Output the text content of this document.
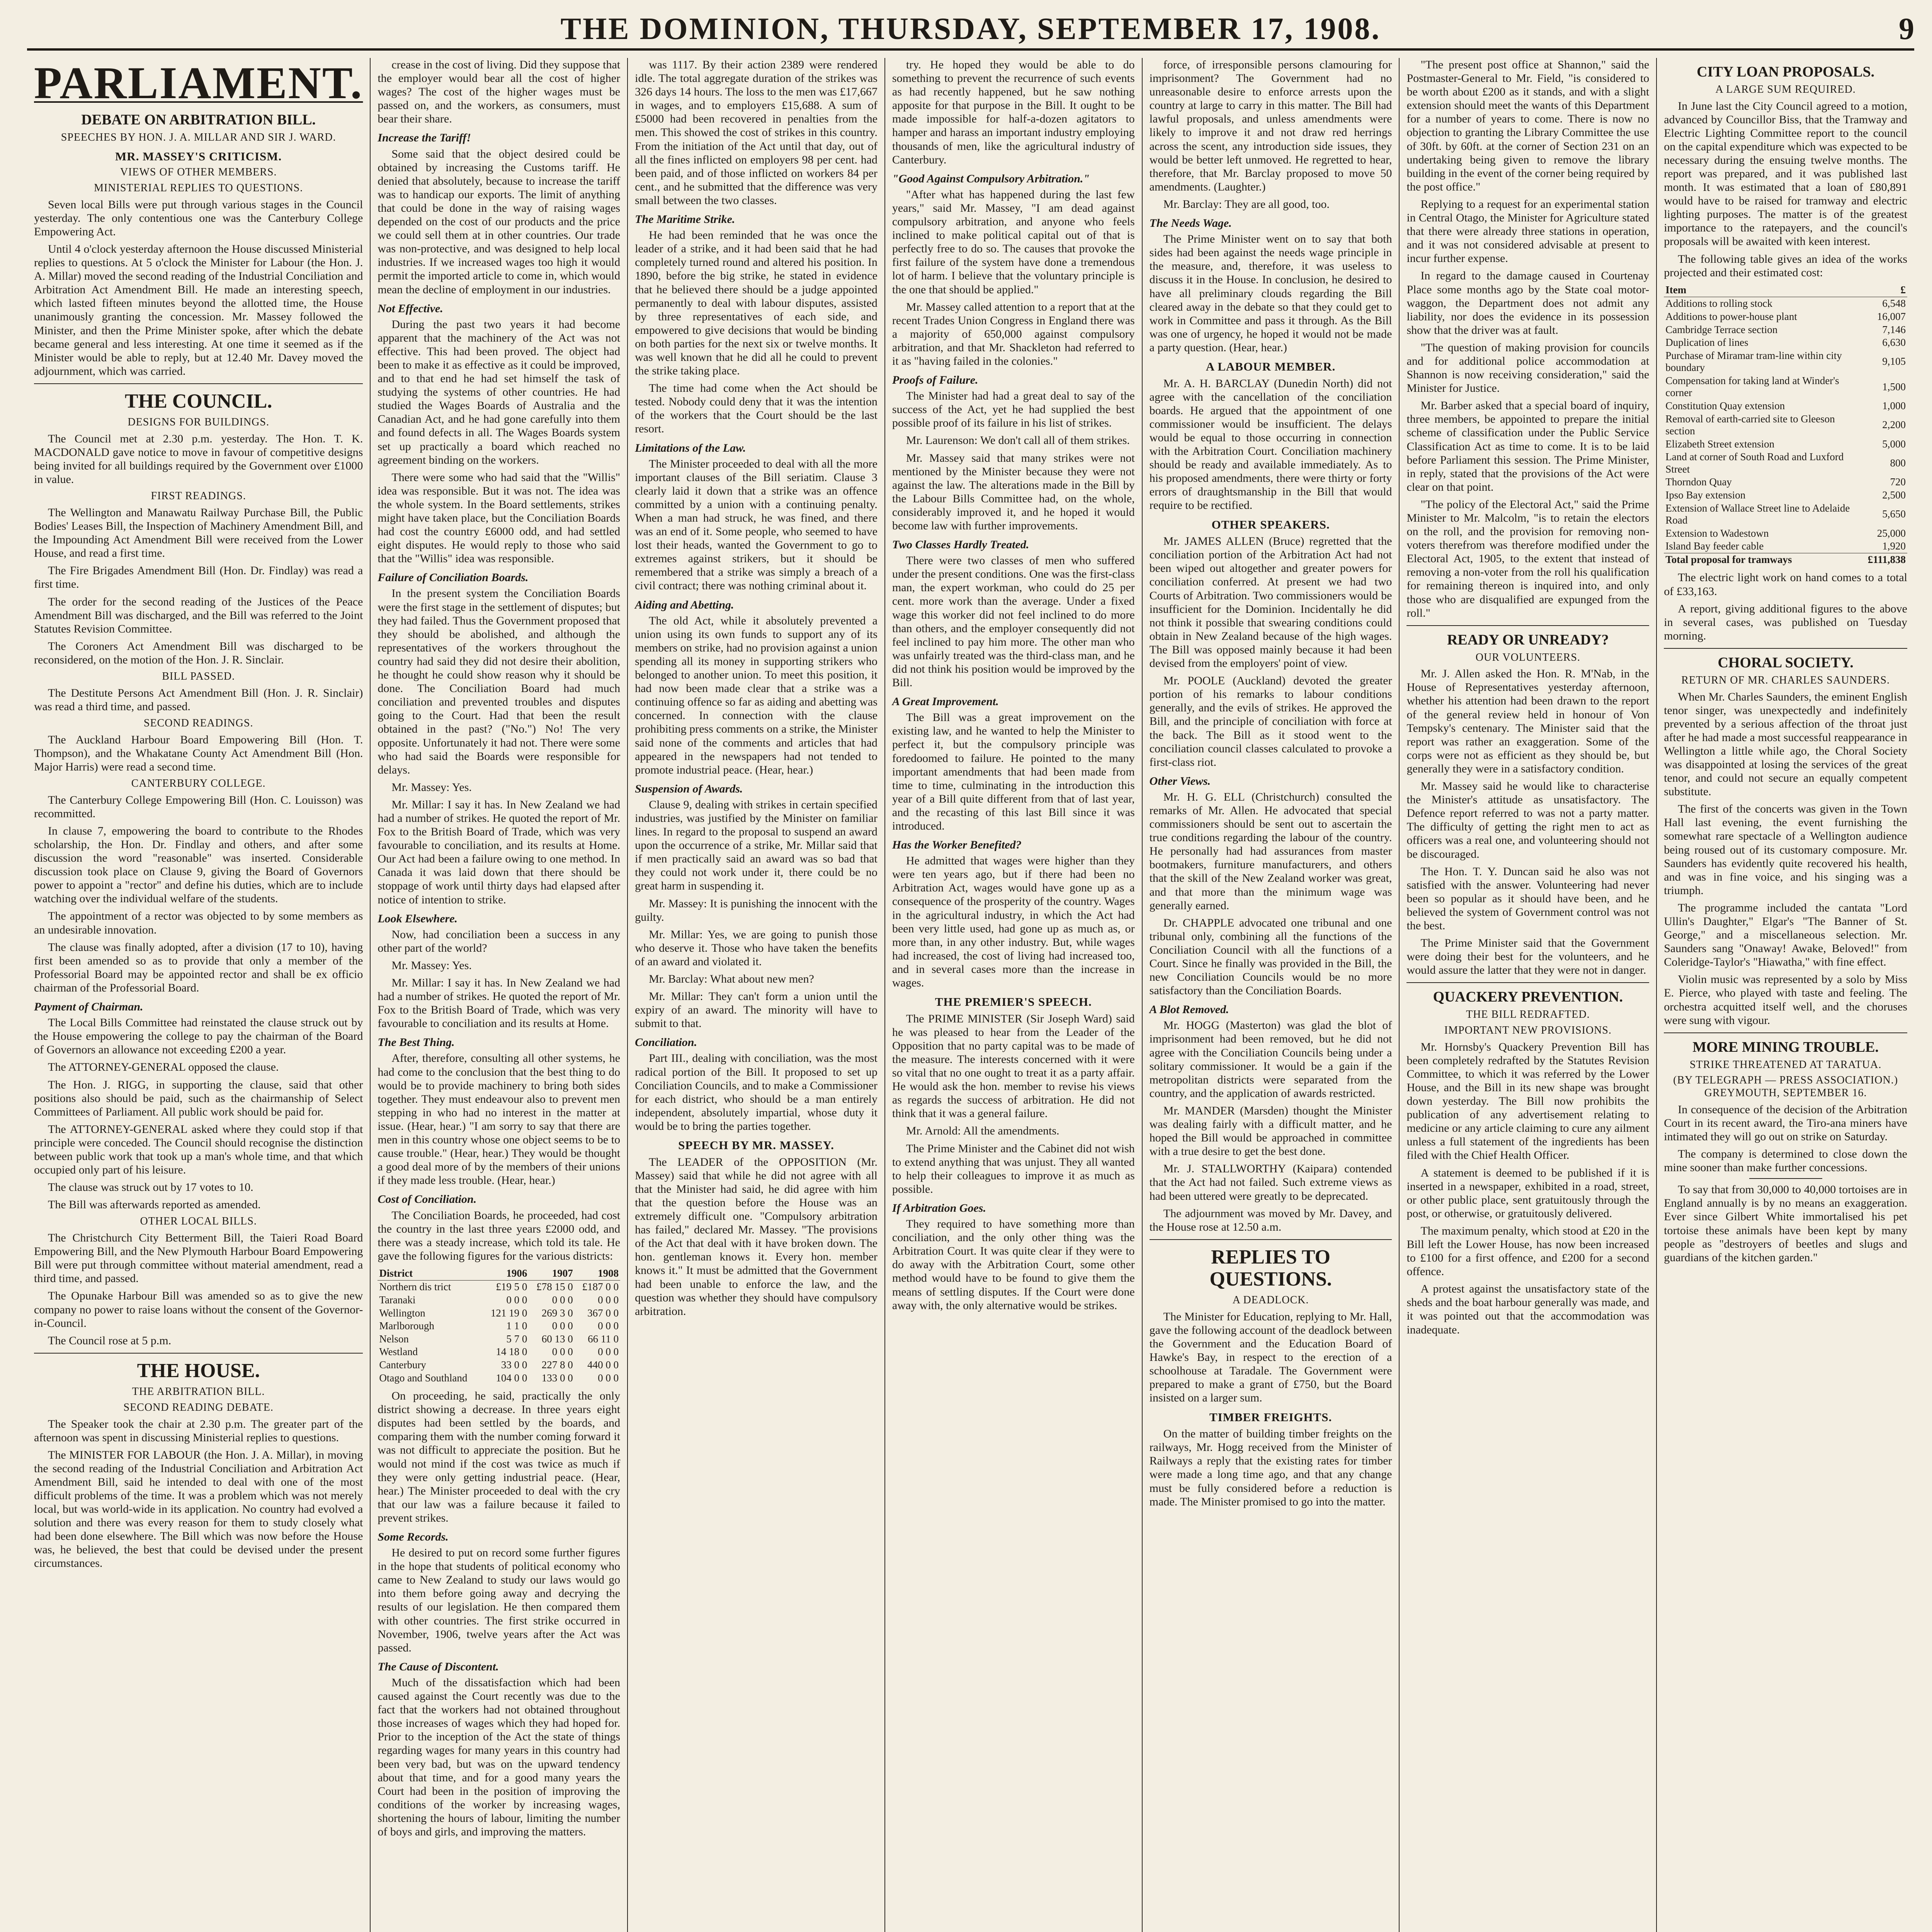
THE DOMINION, THURSDAY, SEPTEMBER 17, 1908.	9
PARLIAMENT.
DEBATE ON ARBITRATION BILL.
SPEECHES BY HON. J. A. MILLAR AND SIR J. WARD.
MR. MASSEY'S CRITICISM.
VIEWS OF OTHER MEMBERS.
MINISTERIAL REPLIES TO QUESTIONS.

Seven local Bills were put through various stages in the Council yesterday. The only contentious one was the Canterbury College Empowering Act.

Until 4 o'clock yesterday afternoon the House discussed Ministerial replies to questions. At 5 o'clock the Minister for Labour (the Hon. J. A. Millar) moved the second reading of the Industrial Conciliation and Arbitration Act Amendment Bill. He made an interesting speech, which lasted fifteen minutes beyond the allotted time, the House unanimously granting the concession. Mr. Massey followed the Minister, and then the Prime Minister spoke, after which the debate became general and less interesting. At one time it seemed as if the Minister would be able to reply, but at 12.40 Mr. Davey moved the adjournment, which was carried.

THE COUNCIL.
DESIGNS FOR BUILDINGS.

The Council met at 2.30 p.m. yesterday. The Hon. T. K. MACDONALD gave notice to move in favour of competitive designs being invited for all buildings required by the Government over £1000 in value.

FIRST READINGS.

The Wellington and Manawatu Railway Purchase Bill, the Public Bodies' Leases Bill, the Inspection of Machinery Amendment Bill, and the Impounding Act Amendment Bill were received from the Lower House, and read a first time.

The Fire Brigades Amendment Bill (Hon. Dr. Findlay) was read a first time.

The order for the second reading of the Justices of the Peace Amendment Bill was discharged, and the Bill was referred to the Joint Statutes Revision Committee.

The Coroners Act Amendment Bill was discharged to be reconsidered, on the motion of the Hon. J. R. Sinclair.

BILL PASSED.

The Destitute Persons Act Amendment Bill (Hon. J. R. Sinclair) was read a third time, and passed.

SECOND READINGS.

The Auckland Harbour Board Empowering Bill (Hon. T. Thompson), and the Whakatane County Act Amendment Bill (Hon. Major Harris) were read a second time.

CANTERBURY COLLEGE.

The Canterbury College Empowering Bill (Hon. C. Louisson) was recommitted.

In clause 7, empowering the board to contribute to the Rhodes scholarship, the Hon. Dr. Findlay and others, and after some discussion the word "reasonable" was inserted. Considerable discussion took place on Clause 9, giving the Board of Governors power to appoint a "rector" and define his duties, which are to include watching over the individual welfare of the students.

The appointment of a rector was objected to by some members as an undesirable innovation.

The clause was finally adopted, after a division (17 to 10), having first been amended so as to provide that only a member of the Professorial Board may be appointed rector and shall be ex officio chairman of the Professorial Board.

Payment of Chairman.

The Local Bills Committee had reinstated the clause struck out by the House empowering the college to pay the chairman of the Board of Governors an allowance not exceeding £200 a year.

The ATTORNEY-GENERAL opposed the clause.

The Hon. J. RIGG, in supporting the clause, said that other positions also should be paid, such as the chairmanship of Select Committees of Parliament. All public work should be paid for.

The ATTORNEY-GENERAL asked where they could stop if that principle were conceded. The Council should recognise the distinction between public work that took up a man's whole time, and that which occupied only part of his leisure.

The clause was struck out by 17 votes to 10.

The Bill was afterwards reported as amended.

OTHER LOCAL BILLS.

The Christchurch City Betterment Bill, the Taieri Road Board Empowering Bill, and the New Plymouth Harbour Board Empowering Bill were put through committee without material amendment, read a third time, and passed.

The Opunake Harbour Bill was amended so as to give the new company no power to raise loans without the consent of the Governor-in-Council.

The Council rose at 5 p.m.

THE HOUSE.
THE ARBITRATION BILL.
SECOND READING DEBATE.

The Speaker took the chair at 2.30 p.m. The greater part of the afternoon was spent in discussing Ministerial replies to questions.

The MINISTER FOR LABOUR (the Hon. J. A. Millar), in moving the second reading of the Industrial Conciliation and Arbitration Act Amendment Bill, said he intended to deal with one of the most difficult problems of the time. It was a problem which was not merely local, but was world-wide in its application. No country had evolved a solution and there was every reason for them to study closely what had been done elsewhere. The Bill which was now before the House was, he believed, the best that could be devised under the present circumstances.

crease in the cost of living. Did they suppose that the employer would bear all the cost of higher wages? The cost of the higher wages must be passed on, and the workers, as consumers, must bear their share.

Increase the Tariff!

Some said that the object desired could be obtained by increasing the Customs tariff. He denied that absolutely, because to increase the tariff was to handicap our exports. The limit of anything that could be done in the way of raising wages depended on the cost of our products and the price we could sell them at in other countries. Our trade was non-protective, and was designed to help local industries. If we increased wages too high it would permit the imported article to come in, which would mean the decline of employment in our industries.

Not Effective.

During the past two years it had become apparent that the machinery of the Act was not effective. This had been proved. The object had been to make it as effective as it could be improved, and to that end he had set himself the task of studying the systems of other countries. He had studied the Wages Boards of Australia and the Canadian Act, and he had gone carefully into them and found defects in all. The Wages Boards system set up practically a board which reached no agreement binding on the workers.

There were some who had said that the "Willis" idea was responsible. But it was not. The idea was the whole system. In the Board settlements, strikes might have taken place, but the Conciliation Boards had cost the country £6000 odd, and had settled eight disputes. He would reply to those who said that the "Willis" idea was responsible.

Failure of Conciliation Boards.

In the present system the Conciliation Boards were the first stage in the settlement of disputes; but they had failed. Thus the Government proposed that they should be abolished, and although the representatives of the workers throughout the country had said they did not desire their abolition, he thought he could show reason why it should be done. The Conciliation Board had much conciliation and prevented troubles and disputes going to the Court. Had that been the result obtained in the past? ("No.") No! The very opposite. Unfortunately it had not. There were some who had said the Boards were responsible for delays.

Mr. Massey: Yes.

Mr. Millar: I say it has. In New Zealand we had had a number of strikes. He quoted the report of Mr. Fox to the British Board of Trade, which was very favourable to conciliation, and its results at Home. Our Act had been a failure owing to one method. In Canada it was laid down that there should be stoppage of work until thirty days had elapsed after notice of intention to strike.

Look Elsewhere.

Now, had conciliation been a success in any other part of the world?

Mr. Massey: Yes.

Mr. Millar: I say it has. In New Zealand we had had a number of strikes. He quoted the report of Mr. Fox to the British Board of Trade, which was very favourable to conciliation and its results at Home.

The Best Thing.

After, therefore, consulting all other systems, he had come to the conclusion that the best thing to do would be to provide machinery to bring both sides together. They must endeavour also to prevent men stepping in who had no interest in the matter at issue. (Hear, hear.) "I am sorry to say that there are men in this country whose one object seems to be to cause trouble." (Hear, hear.) They would be thought a good deal more of by the members of their unions if they made less trouble. (Hear, hear.)

Cost of Conciliation.

The Conciliation Boards, he proceeded, had cost the country in the last three years £2000 odd, and there was a steady increase, which told its tale. He gave the following figures for the various districts:

District	1906	1907	1908
Northern dis trict	£19 5 0	£78 15 0	£187 0 0
Taranaki	0 0 0	0 0 0	0 0 0
Wellington	121 19 0	269 3 0	367 0 0
Marlborough	1 1 0	0 0 0	0 0 0
Nelson	5 7 0	60 13 0	66 11 0
Westland	14 18 0	0 0 0	0 0 0
Canterbury	33 0 0	227 8 0	440 0 0
Otago and Southland	104 0 0	133 0 0	0 0 0

On proceeding, he said, practically the only district showing a decrease. In three years eight disputes had been settled by the boards, and comparing them with the number coming forward it was not difficult to appreciate the position. But he would not mind if the cost was twice as much if they were only getting industrial peace. (Hear, hear.) The Minister proceeded to deal with the cry that our law was a failure because it failed to prevent strikes.

Some Records.

He desired to put on record some further figures in the hope that students of political economy who came to New Zealand to study our laws would go into them before going away and decrying the results of our legislation. He then compared them with other countries. The first strike occurred in November, 1906, twelve years after the Act was passed.

The Cause of Discontent.

Much of the dissatisfaction which had been caused against the Court recently was due to the fact that the workers had not obtained throughout those increases of wages which they had hoped for. Prior to the inception of the Act the state of things regarding wages for many years in this country had been very bad, but was on the upward tendency about that time, and for a good many years the Court had been in the position of improving the conditions of the worker by increasing wages, shortening the hours of labour, limiting the number of boys and girls, and improving the matters.

was 1117. By their action 2389 were rendered idle. The total aggregate duration of the strikes was 326 days 14 hours. The loss to the men was £17,667 in wages, and to employers £15,688. A sum of £5000 had been recovered in penalties from the men. This showed the cost of strikes in this country. From the initiation of the Act until that day, out of all the fines inflicted on employers 98 per cent. had been paid, and of those inflicted on workers 84 per cent., and he submitted that the difference was very small between the two classes.

The Maritime Strike.

He had been reminded that he was once the leader of a strike, and it had been said that he had completely turned round and altered his position. In 1890, before the big strike, he stated in evidence that he believed there should be a judge appointed permanently to deal with labour disputes, assisted by three representatives of each side, and empowered to give decisions that would be binding on both parties for the next six or twelve months. It was well known that he did all he could to prevent the strike taking place.

The time had come when the Act should be tested. Nobody could deny that it was the intention of the workers that the Court should be the last resort.

Limitations of the Law.

The Minister proceeded to deal with all the more important clauses of the Bill seriatim. Clause 3 clearly laid it down that a strike was an offence committed by a union with a continuing penalty. When a man had struck, he was fined, and there was an end of it. Some people, who seemed to have lost their heads, wanted the Government to go to extremes against strikers, but it should be remembered that a strike was simply a breach of a civil contract; there was nothing criminal about it.

Aiding and Abetting.

The old Act, while it absolutely prevented a union using its own funds to support any of its members on strike, had no provision against a union spending all its money in supporting strikers who belonged to another union. To meet this position, it had now been made clear that a strike was a continuing offence so far as aiding and abetting was concerned. In connection with the clause prohibiting press comments on a strike, the Minister said none of the comments and articles that had appeared in the newspapers had not tended to promote industrial peace. (Hear, hear.)

Suspension of Awards.

Clause 9, dealing with strikes in certain specified industries, was justified by the Minister on familiar lines. In regard to the proposal to suspend an award upon the occurrence of a strike, Mr. Millar said that if men practically said an award was so bad that they could not work under it, there could be no great harm in suspending it.

Mr. Massey: It is punishing the innocent with the guilty.

Mr. Millar: Yes, we are going to punish those who deserve it. Those who have taken the benefits of an award and violated it.

Mr. Barclay: What about new men?

Mr. Millar: They can't form a union until the expiry of an award. The minority will have to submit to that.

Conciliation.

Part III., dealing with conciliation, was the most radical portion of the Bill. It proposed to set up Conciliation Councils, and to make a Commissioner for each district, who should be a man entirely independent, absolutely impartial, whose duty it would be to bring the parties together.

SPEECH BY MR. MASSEY.

The LEADER of the OPPOSITION (Mr. Massey) said that while he did not agree with all that the Minister had said, he did agree with him that the question before the House was an extremely difficult one. "Compulsory arbitration has failed," declared Mr. Massey. "The provisions of the Act that deal with it have broken down. The hon. gentleman knows it. Every hon. member knows it." It must be admitted that the Government had been unable to enforce the law, and the question was whether they should have compulsory arbitration.

try. He hoped they would be able to do something to prevent the recurrence of such events as had recently happened, but he saw nothing apposite for that purpose in the Bill. It ought to be made impossible for half-a-dozen agitators to hamper and harass an important industry employing thousands of men, like the agricultural industry of Canterbury.

"Good Against Compulsory Arbitration."

"After what has happened during the last few years," said Mr. Massey, "I am dead against compulsory arbitration, and anyone who feels inclined to make political capital out of that is perfectly free to do so. The causes that provoke the first failure of the system have done a tremendous lot of harm. I believe that the voluntary principle is the one that should be applied."

Mr. Massey called attention to a report that at the recent Trades Union Congress in England there was a majority of 650,000 against compulsory arbitration, and that Mr. Shackleton had referred to it as "having failed in the colonies."

Proofs of Failure.

The Minister had had a great deal to say of the success of the Act, yet he had supplied the best possible proof of its failure in his list of strikes.

Mr. Laurenson: We don't call all of them strikes.

Mr. Massey said that many strikes were not mentioned by the Minister because they were not against the law. The alterations made in the Bill by the Labour Bills Committee had, on the whole, considerably improved it, and he hoped it would become law with further improvements.

Two Classes Hardly Treated.

There were two classes of men who suffered under the present conditions. One was the first-class man, the expert workman, who could do 25 per cent. more work than the average. Under a fixed wage this worker did not feel inclined to do more than others, and the employer consequently did not feel inclined to pay him more. The other man who was unfairly treated was the third-class man, and he did not think his position would be improved by the Bill.

A Great Improvement.

The Bill was a great improvement on the existing law, and he wanted to help the Minister to perfect it, but the compulsory principle was foredoomed to failure. He pointed to the many important amendments that had been made from time to time, culminating in the introduction this year of a Bill quite different from that of last year, and the recasting of this last Bill since it was introduced.

Has the Worker Benefited?

He admitted that wages were higher than they were ten years ago, but if there had been no Arbitration Act, wages would have gone up as a consequence of the prosperity of the country. Wages in the agricultural industry, in which the Act had been very little used, had gone up as much as, or more than, in any other industry. But, while wages had increased, the cost of living had increased too, and in several cases more than the increase in wages.

THE PREMIER'S SPEECH.

The PRIME MINISTER (Sir Joseph Ward) said he was pleased to hear from the Leader of the Opposition that no party capital was to be made of the measure. The interests concerned with it were so vital that no one ought to treat it as a party affair. He would ask the hon. member to revise his views as regards the success of arbitration. He did not think that it was a general failure.

Mr. Arnold: All the amendments.

The Prime Minister and the Cabinet did not wish to extend anything that was unjust. They all wanted to help their colleagues to improve it as much as possible.

If Arbitration Goes.

They required to have something more than conciliation, and the only other thing was the Arbitration Court. It was quite clear if they were to do away with the Arbitration Court, some other method would have to be found to give them the means of settling disputes. If the Court were done away with, the only alternative would be strikes.

force, of irresponsible persons clamouring for imprisonment? The Government had no unreasonable desire to enforce arrests upon the country at large to carry in this matter. The Bill had lawful proposals, and unless amendments were likely to improve it and not draw red herrings across the scent, any introduction side issues, they would be better left unmoved. He regretted to hear, therefore, that Mr. Barclay proposed to move 50 amendments. (Laughter.)

Mr. Barclay: They are all good, too.

The Needs Wage.

The Prime Minister went on to say that both sides had been against the needs wage principle in the measure, and, therefore, it was useless to discuss it in the House. In conclusion, he desired to have all preliminary clouds regarding the Bill cleared away in the debate so that they could get to work in Committee and pass it through. As the Bill was one of urgency, he hoped it would not be made a party question. (Hear, hear.)

A LABOUR MEMBER.

Mr. A. H. BARCLAY (Dunedin North) did not agree with the cancellation of the conciliation boards. He argued that the appointment of one commissioner would be insufficient. The delays would be equal to those occurring in connection with the Arbitration Court. Conciliation machinery should be ready and available immediately. As to his proposed amendments, there were thirty or forty errors of draughtsmanship in the Bill that would require to be rectified.

OTHER SPEAKERS.

Mr. JAMES ALLEN (Bruce) regretted that the conciliation portion of the Arbitration Act had not been wiped out altogether and greater powers for conciliation conferred. At present we had two Courts of Arbitration. Two commissioners would be insufficient for the Dominion. Incidentally he did not think it possible that swearing conditions could obtain in New Zealand because of the high wages. The Bill was opposed mainly because it had been devised from the employers' point of view.

Mr. POOLE (Auckland) devoted the greater portion of his remarks to labour conditions generally, and the evils of strikes. He approved the Bill, and the principle of conciliation with force at the back. The Bill as it stood went to the conciliation council classes calculated to provoke a first-class riot.

Other Views.

Mr. H. G. ELL (Christchurch) consulted the remarks of Mr. Allen. He advocated that special commissioners should be sent out to ascertain the true conditions regarding the labour of the country. He personally had had assurances from master bootmakers, furniture manufacturers, and others that the skill of the New Zealand worker was great, and that more than the minimum wage was generally earned.

Dr. CHAPPLE advocated one tribunal and one tribunal only, combining all the functions of the Conciliation Council with all the functions of a Court. Since he finally was provided in the Bill, the new Conciliation Councils would be no more satisfactory than the Conciliation Boards.

A Blot Removed.

Mr. HOGG (Masterton) was glad the blot of imprisonment had been removed, but he did not agree with the Conciliation Councils being under a solitary commissioner. It would be a gain if the metropolitan districts were separated from the country, and the application of awards restricted.

Mr. MANDER (Marsden) thought the Minister was dealing fairly with a difficult matter, and he hoped the Bill would be approached in committee with a true desire to get the best done.

Mr. J. STALLWORTHY (Kaipara) contended that the Act had not failed. Such extreme views as had been uttered were greatly to be deprecated.

The adjournment was moved by Mr. Davey, and the House rose at 12.50 a.m.

REPLIES TO QUESTIONS.
A DEADLOCK.

The Minister for Education, replying to Mr. Hall, gave the following account of the deadlock between the Government and the Education Board of Hawke's Bay, in respect to the erection of a schoolhouse at Taradale. The Government were prepared to make a grant of £750, but the Board insisted on a larger sum.

TIMBER FREIGHTS.

On the matter of building timber freights on the railways, Mr. Hogg received from the Minister of Railways a reply that the existing rates for timber were made a long time ago, and that any change must be fully considered before a reduction is made. The Minister promised to go into the matter.

"The present post office at Shannon," said the Postmaster-General to Mr. Field, "is considered to be worth about £200 as it stands, and with a slight extension should meet the wants of this Department for a number of years to come. There is now no objection to granting the Library Committee the use of 30ft. by 60ft. at the corner of Section 231 on an undertaking being given to remove the library building in the event of the corner being required by the post office."

Replying to a request for an experimental station in Central Otago, the Minister for Agriculture stated that there were already three stations in operation, and it was not considered advisable at present to incur further expense.

In regard to the damage caused in Courtenay Place some months ago by the State coal motor-waggon, the Department does not admit any liability, nor does the evidence in its possession show that the driver was at fault.

"The question of making provision for councils and for additional police accommodation at Shannon is now receiving consideration," said the Minister for Justice.

Mr. Barber asked that a special board of inquiry, three members, be appointed to prepare the initial scheme of classification under the Public Service Classification Act as time to come. It is to be laid before Parliament this session. The Prime Minister, in reply, stated that the provisions of the Act were clear on that point.

"The policy of the Electoral Act," said the Prime Minister to Mr. Malcolm, "is to retain the electors on the roll, and the provision for removing non-voters therefrom was therefore modified under the Electoral Act, 1905, to the extent that instead of removing a non-voter from the roll his qualification for remaining thereon is inquired into, and only those who are disqualified are expunged from the roll."

READY OR UNREADY?
OUR VOLUNTEERS.

Mr. J. Allen asked the Hon. R. M'Nab, in the House of Representatives yesterday afternoon, whether his attention had been drawn to the report of the general review held in honour of Von Tempsky's centenary. The Minister said that the report was rather an exaggeration. Some of the corps were not as efficient as they should be, but generally they were in a satisfactory condition.

Mr. Massey said he would like to characterise the Minister's attitude as unsatisfactory. The Defence report referred to was not a party matter. The difficulty of getting the right men to act as officers was a real one, and volunteering should not be discouraged.

The Hon. T. Y. Duncan said he also was not satisfied with the answer. Volunteering had never been so popular as it should have been, and he believed the system of Government control was not the best.

The Prime Minister said that the Government were doing their best for the volunteers, and he would assure the latter that they were not in danger.

QUACKERY PREVENTION.
THE BILL REDRAFTED.
IMPORTANT NEW PROVISIONS.

Mr. Hornsby's Quackery Prevention Bill has been completely redrafted by the Statutes Revision Committee, to which it was referred by the Lower House, and the Bill in its new shape was brought down yesterday. The Bill now prohibits the publication of any advertisement relating to medicine or any article claiming to cure any ailment unless a full statement of the ingredients has been filed with the Chief Health Officer.

A statement is deemed to be published if it is inserted in a newspaper, exhibited in a road, street, or other public place, sent gratuitously through the post, or otherwise, or gratuitously delivered.

The maximum penalty, which stood at £20 in the Bill left the Lower House, has now been increased to £100 for a first offence, and £200 for a second offence.

A protest against the unsatisfactory state of the sheds and the boat harbour generally was made, and it was pointed out that the accommodation was inadequate.

CITY LOAN PROPOSALS.
A LARGE SUM REQUIRED.

In June last the City Council agreed to a motion, advanced by Councillor Biss, that the Tramway and Electric Lighting Committee report to the council on the capital expenditure which was expected to be necessary during the ensuing twelve months. The report was prepared, and it was published last month. It was estimated that a loan of £80,891 would have to be raised for tramway and electric lighting purposes. The matter is of the greatest importance to the ratepayers, and the council's proposals will be awaited with keen interest.

The following table gives an idea of the works projected and their estimated cost:

Item	£
Additions to rolling stock	6,548
Additions to power-house plant	16,007
Cambridge Terrace section	7,146
Duplication of lines	6,630
Purchase of Miramar tram-line within city boundary	9,105
Compensation for taking land at Winder's corner	1,500
Constitution Quay extension	1,000
Removal of earth-carried site to Gleeson section	2,200
Elizabeth Street extension	5,000
Land at corner of South Road and Luxford Street	800
Thorndon Quay	720
Ipso Bay extension	2,500
Extension of Wallace Street line to Adelaide Road	5,650
Extension to Wadestown	25,000
Island Bay feeder cable	1,920
Total proposal for tramways	£111,838

The electric light work on hand comes to a total of £33,163.

A report, giving additional figures to the above in several cases, was published on Tuesday morning.

CHORAL SOCIETY.
RETURN OF MR. CHARLES SAUNDERS.

When Mr. Charles Saunders, the eminent English tenor singer, was unexpectedly and indefinitely prevented by a serious affection of the throat just after he had made a most successful reappearance in Wellington a little while ago, the Choral Society was disappointed at losing the services of the great tenor, and could not secure an equally competent substitute.

The first of the concerts was given in the Town Hall last evening, the event furnishing the somewhat rare spectacle of a Wellington audience being roused out of its customary composure. Mr. Saunders has evidently quite recovered his health, and was in fine voice, and his singing was a triumph.

The programme included the cantata "Lord Ullin's Daughter," Elgar's "The Banner of St. George," and a miscellaneous selection. Mr. Saunders sang "Onaway! Awake, Beloved!" from Coleridge-Taylor's "Hiawatha," with fine effect.

Violin music was represented by a solo by Miss E. Pierce, who played with taste and feeling. The orchestra acquitted itself well, and the choruses were sung with vigour.

MORE MINING TROUBLE.
STRIKE THREATENED AT TARATUA.
(BY TELEGRAPH — PRESS ASSOCIATION.) GREYMOUTH, SEPTEMBER 16.

In consequence of the decision of the Arbitration Court in its recent award, the Tiro-ana miners have intimated they will go out on strike on Saturday.

The company is determined to close down the mine sooner than make further concessions.

To say that from 30,000 to 40,000 tortoises are in England annually is by no means an exaggeration. Ever since Gilbert White immortalised his pet tortoise these animals have been kept by many people as "destroyers of beetles and slugs and guardians of the kitchen garden."
